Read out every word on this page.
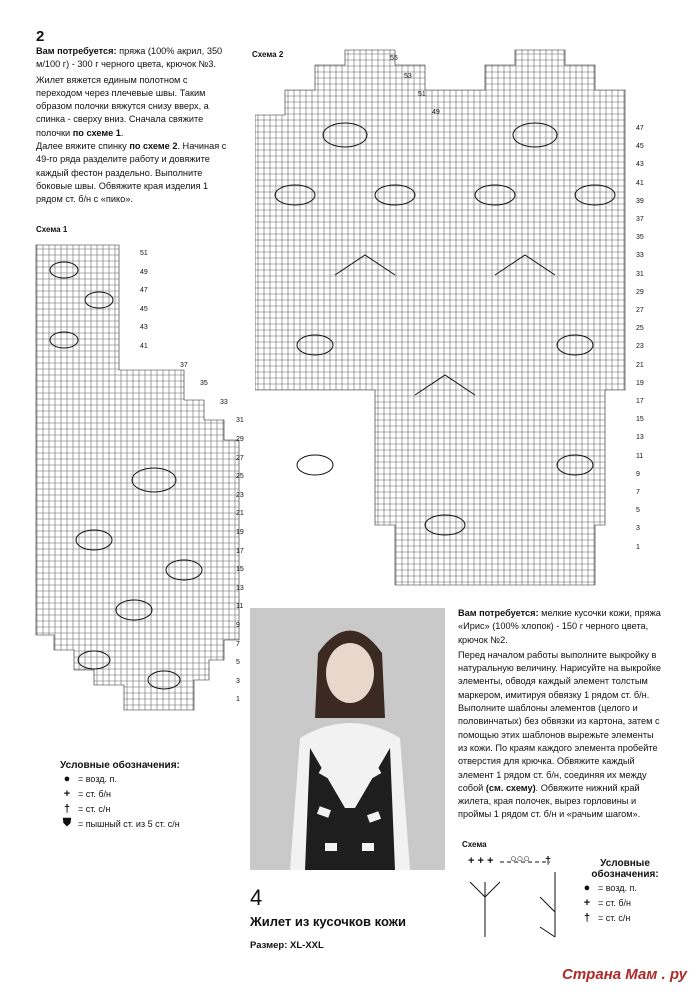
2
Вам потребуется: пряжа (100% акрил, 350 м/100 г) - 300 г черного цвета, крючок №3.
Жилет вяжется единым полотном с переходом через плечевые швы. Таким образом полочки вяжутся снизу вверх, а спинка - сверху вниз. Сначала свяжите полочки по схеме 1.
Далее вяжите спинку по схеме 2. Начиная с 49-го ряда разделите работу и довяжите каждый фестон раздельно. Выполните боковые швы. Обвяжите края изделия 1 рядом ст. б/н с «пико».
Схема 1
51
49
47
45
43
41
37
35
33
31
29
27
25
23
21
19
17
15
13
11
9
7
5
3
1
Схема 2	55
53
51
49
47
45
43
41
39
37
35
33
31
29
27
25
23
21
19
17
15
13
11
9
7
5
3
1
Условные обозначения:
● = возд. п.
+ = ст. б/н
† = ст. с/н
⛊ = пышный ст. из 5 ст. с/н
4
Жилет из кусочков кожи
Размер: XL-XXL
Вам потребуется: мелкие кусочки кожи, пряжа «Ирис» (100% хлопок) - 150 г черного цвета, крючок №2.
Перед началом работы выполните выкройку в натуральную величину. Нарисуйте на выкройке элементы, обводя каждый элемент толстым маркером, имитируя обвязку 1 рядом ст. б/н. Выполните шаблоны элементов (целого и половинчатых) без обвязки из картона, затем с помощью этих шаблонов вырежьте элементы из кожи. По краям каждого элемента пробейте отверстия для крючка. Обвяжите каждый элемент 1 рядом ст. б/н, соединяя их между собой (см. схему). Обвяжите нижний край жилета, края полочек, вырез горловины и проймы 1 рядом ст. б/н и «рачьим шагом».
Схема
+ + + ○○○ †	Условные обозначения:
● = возд. п.
+ = ст. б/н
† = ст. с/н
Страна Мам . ру
